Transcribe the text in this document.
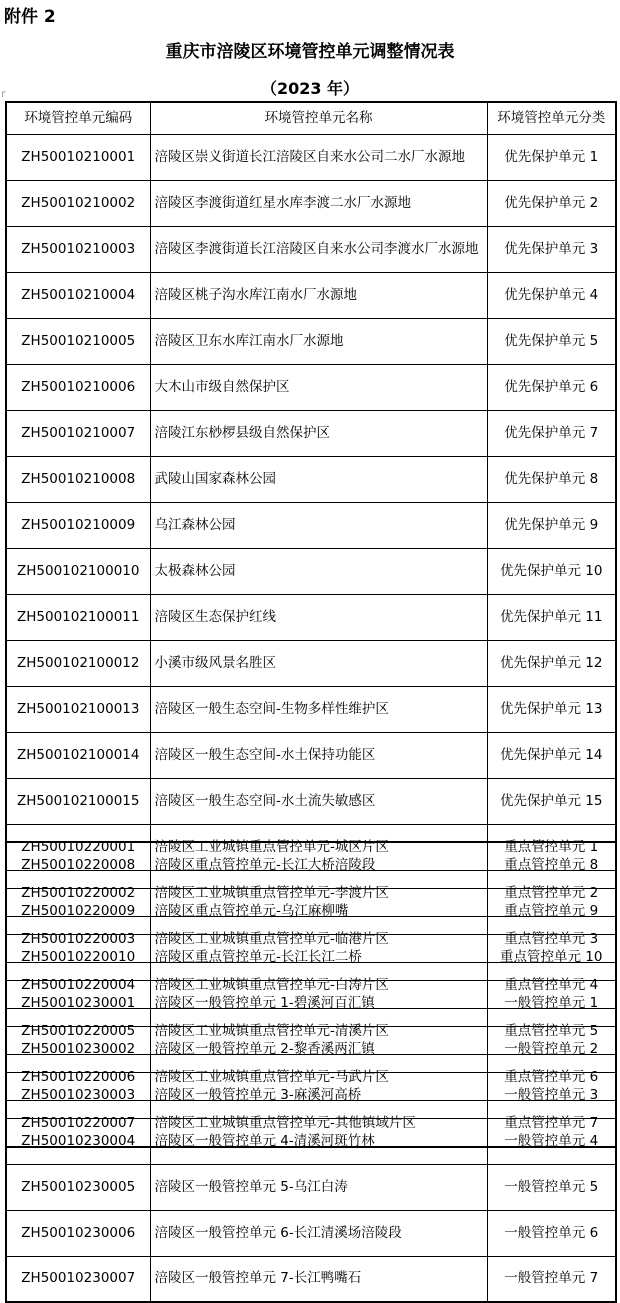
附件 2
重庆市涪陵区环境管控单元调整情况表
（2023 年）
┌
环境管控单元编码	环境管控单元名称	环境管控单元分类
ZH50010210001	涪陵区崇义街道长江涪陵区自来水公司二水厂水源地	优先保护单元 1
ZH50010210002	涪陵区李渡街道红星水库李渡二水厂水源地	优先保护单元 2
ZH50010210003	涪陵区李渡街道长江涪陵区自来水公司李渡水厂水源地	优先保护单元 3
ZH50010210004	涪陵区桃子沟水库江南水厂水源地	优先保护单元 4
ZH50010210005	涪陵区卫东水库江南水厂水源地	优先保护单元 5
ZH50010210006	大木山市级自然保护区	优先保护单元 6
ZH50010210007	涪陵江东桫椤县级自然保护区	优先保护单元 7
ZH50010210008	武陵山国家森林公园	优先保护单元 8
ZH50010210009	乌江森林公园	优先保护单元 9
ZH500102100010	太极森林公园	优先保护单元 10
ZH500102100011	涪陵区生态保护红线	优先保护单元 11
ZH500102100012	小溪市级风景名胜区	优先保护单元 12
ZH500102100013	涪陵区一般生态空间-生物多样性维护区	优先保护单元 13
ZH500102100014	涪陵区一般生态空间-水土保持功能区	优先保护单元 14
ZH500102100015	涪陵区一般生态空间-水土流失敏感区	优先保护单元 15
ZH50010220001	涪陵区工业城镇重点管控单元-城区片区	重点管控单元 1
ZH50010220002	涪陵区工业城镇重点管控单元-李渡片区	重点管控单元 2
ZH50010220003	涪陵区工业城镇重点管控单元-临港片区	重点管控单元 3
ZH50010220004	涪陵区工业城镇重点管控单元-白涛片区	重点管控单元 4
ZH50010220005	涪陵区工业城镇重点管控单元-清溪片区	重点管控单元 5
ZH50010220006	涪陵区工业城镇重点管控单元-马武片区	重点管控单元 6
ZH50010220007	涪陵区工业城镇重点管控单元-其他镇域片区	重点管控单元 7
ZH50010220008	涪陵区重点管控单元-长江大桥涪陵段	重点管控单元 8
ZH50010220009	涪陵区重点管控单元-乌江麻柳嘴	重点管控单元 9
ZH50010220010	涪陵区重点管控单元-长江长江二桥	重点管控单元 10
ZH50010230001	涪陵区一般管控单元 1-碧溪河百汇镇	一般管控单元 1
ZH50010230002	涪陵区一般管控单元 2-黎香溪两汇镇	一般管控单元 2
ZH50010230003	涪陵区一般管控单元 3-麻溪河高桥	一般管控单元 3
ZH50010230004	涪陵区一般管控单元 4-清溪河斑竹林	一般管控单元 4
ZH50010230005	涪陵区一般管控单元 5-乌江白涛	一般管控单元 5
ZH50010230006	涪陵区一般管控单元 6-长江清溪场涪陵段	一般管控单元 6
ZH50010230007	涪陵区一般管控单元 7-长江鸭嘴石	一般管控单元 7
